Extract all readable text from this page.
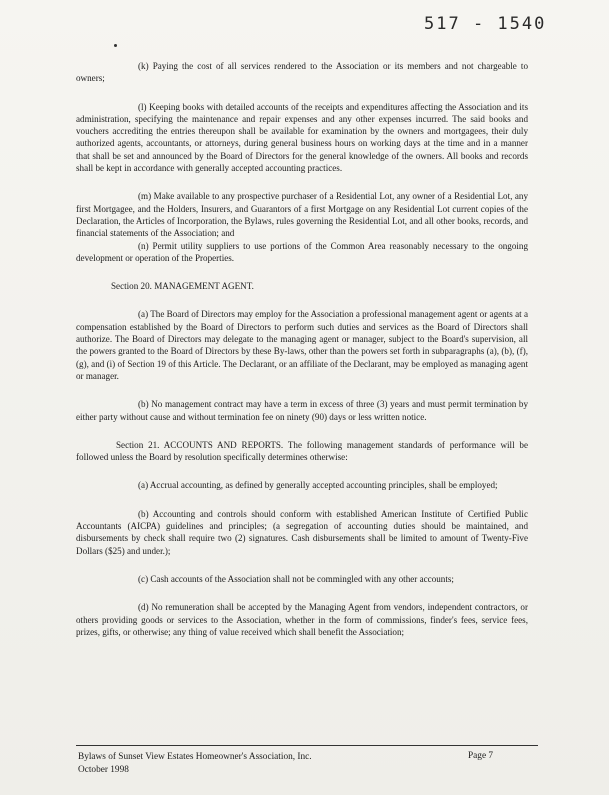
517 - 1540

(k) Paying the cost of all services rendered to the Association or its members and not chargeable to owners;

(l) Keeping books with detailed accounts of the receipts and expenditures affecting the Association and its administration, specifying the maintenance and repair expenses and any other expenses incurred. The said books and vouchers accrediting the entries thereupon shall be available for examination by the owners and mortgagees, their duly authorized agents, accountants, or attorneys, during general business hours on working days at the time and in a manner that shall be set and announced by the Board of Directors for the general knowledge of the owners. All books and records shall be kept in accordance with generally accepted accounting practices.

(m) Make available to any prospective purchaser of a Residential Lot, any owner of a Residential Lot, any first Mortgagee, and the Holders, Insurers, and Guarantors of a first Mortgage on any Residential Lot current copies of the Declaration, the Articles of Incorporation, the Bylaws, rules governing the Residential Lot, and all other books, records, and financial statements of the Association; and

(n) Permit utility suppliers to use portions of the Common Area reasonably necessary to the ongoing development or operation of the Properties.

Section 20. MANAGEMENT AGENT.

(a) The Board of Directors may employ for the Association a professional management agent or agents at a compensation established by the Board of Directors to perform such duties and services as the Board of Directors shall authorize. The Board of Directors may delegate to the managing agent or manager, subject to the Board's supervision, all the powers granted to the Board of Directors by these By-laws, other than the powers set forth in subparagraphs (a), (b), (f), (g), and (i) of Section 19 of this Article. The Declarant, or an affiliate of the Declarant, may be employed as managing agent or manager.

(b) No management contract may have a term in excess of three (3) years and must permit termination by either party without cause and without termination fee on ninety (90) days or less written notice.

Section 21. ACCOUNTS AND REPORTS. The following management standards of performance will be followed unless the Board by resolution specifically determines otherwise:

(a) Accrual accounting, as defined by generally accepted accounting principles, shall be employed;

(b) Accounting and controls should conform with established American Institute of Certified Public Accountants (AICPA) guidelines and principles; (a segregation of accounting duties should be maintained, and disbursements by check shall require two (2) signatures. Cash disbursements shall be limited to amount of Twenty-Five Dollars ($25) and under.);

(c) Cash accounts of the Association shall not be commingled with any other accounts;

(d) No remuneration shall be accepted by the Managing Agent from vendors, independent contractors, or others providing goods or services to the Association, whether in the form of commissions, finder's fees, service fees, prizes, gifts, or otherwise; any thing of value received which shall benefit the Association;

Bylaws of Sunset View Estates Homeowner's Association, Inc.
October 1998
Page 7
